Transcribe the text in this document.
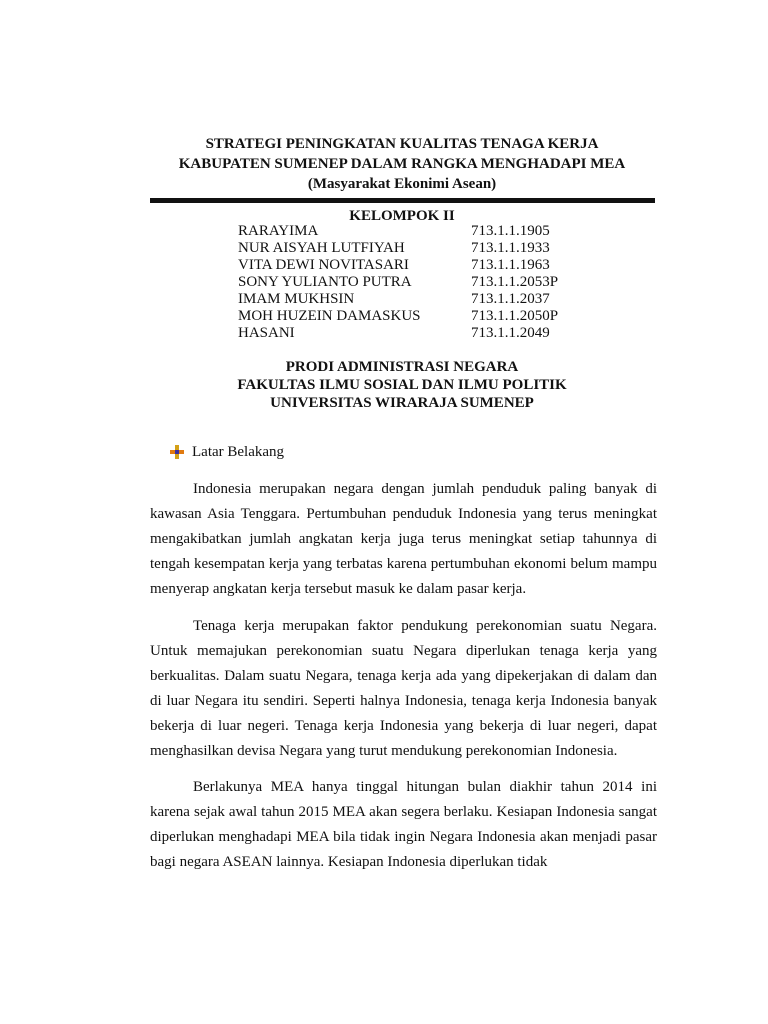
STRATEGI PENINGKATAN KUALITAS TENAGA KERJA
KABUPATEN SUMENEP DALAM RANGKA MENGHADAPI MEA
(Masyarakat Ekonimi Asean)
KELOMPOK II
RARAYIMA	713.1.1.1905
NUR AISYAH LUTFIYAH	713.1.1.1933
VITA DEWI NOVITASARI	713.1.1.1963
SONY YULIANTO PUTRA	713.1.1.2053P
IMAM MUKHSIN	713.1.1.2037
MOH HUZEIN DAMASKUS	713.1.1.2050P
HASANI	713.1.1.2049
PRODI ADMINISTRASI NEGARA
FAKULTAS ILMU SOSIAL DAN ILMU POLITIK
UNIVERSITAS WIRARAJA SUMENEP
Latar Belakang

Indonesia merupakan negara dengan jumlah penduduk paling banyak di kawasan Asia Tenggara. Pertumbuhan penduduk Indonesia yang terus meningkat mengakibatkan jumlah angkatan kerja juga terus meningkat setiap tahunnya di tengah kesempatan kerja yang terbatas karena pertumbuhan ekonomi belum mampu menyerap angkatan kerja tersebut masuk ke dalam pasar kerja.

Tenaga kerja merupakan faktor pendukung perekonomian suatu Negara. Untuk memajukan perekonomian suatu Negara diperlukan tenaga kerja yang berkualitas. Dalam suatu Negara, tenaga kerja ada yang dipekerjakan di dalam dan di luar Negara itu sendiri. Seperti halnya Indonesia, tenaga kerja Indonesia banyak bekerja di luar negeri. Tenaga kerja Indonesia yang bekerja di luar negeri, dapat menghasilkan devisa Negara yang turut mendukung perekonomian Indonesia.

Berlakunya MEA hanya tinggal hitungan bulan diakhir tahun 2014 ini karena sejak awal tahun 2015 MEA akan segera berlaku. Kesiapan Indonesia sangat diperlukan menghadapi MEA bila tidak ingin Negara Indonesia akan menjadi pasar bagi negara ASEAN lainnya. Kesiapan Indonesia diperlukan tidak
